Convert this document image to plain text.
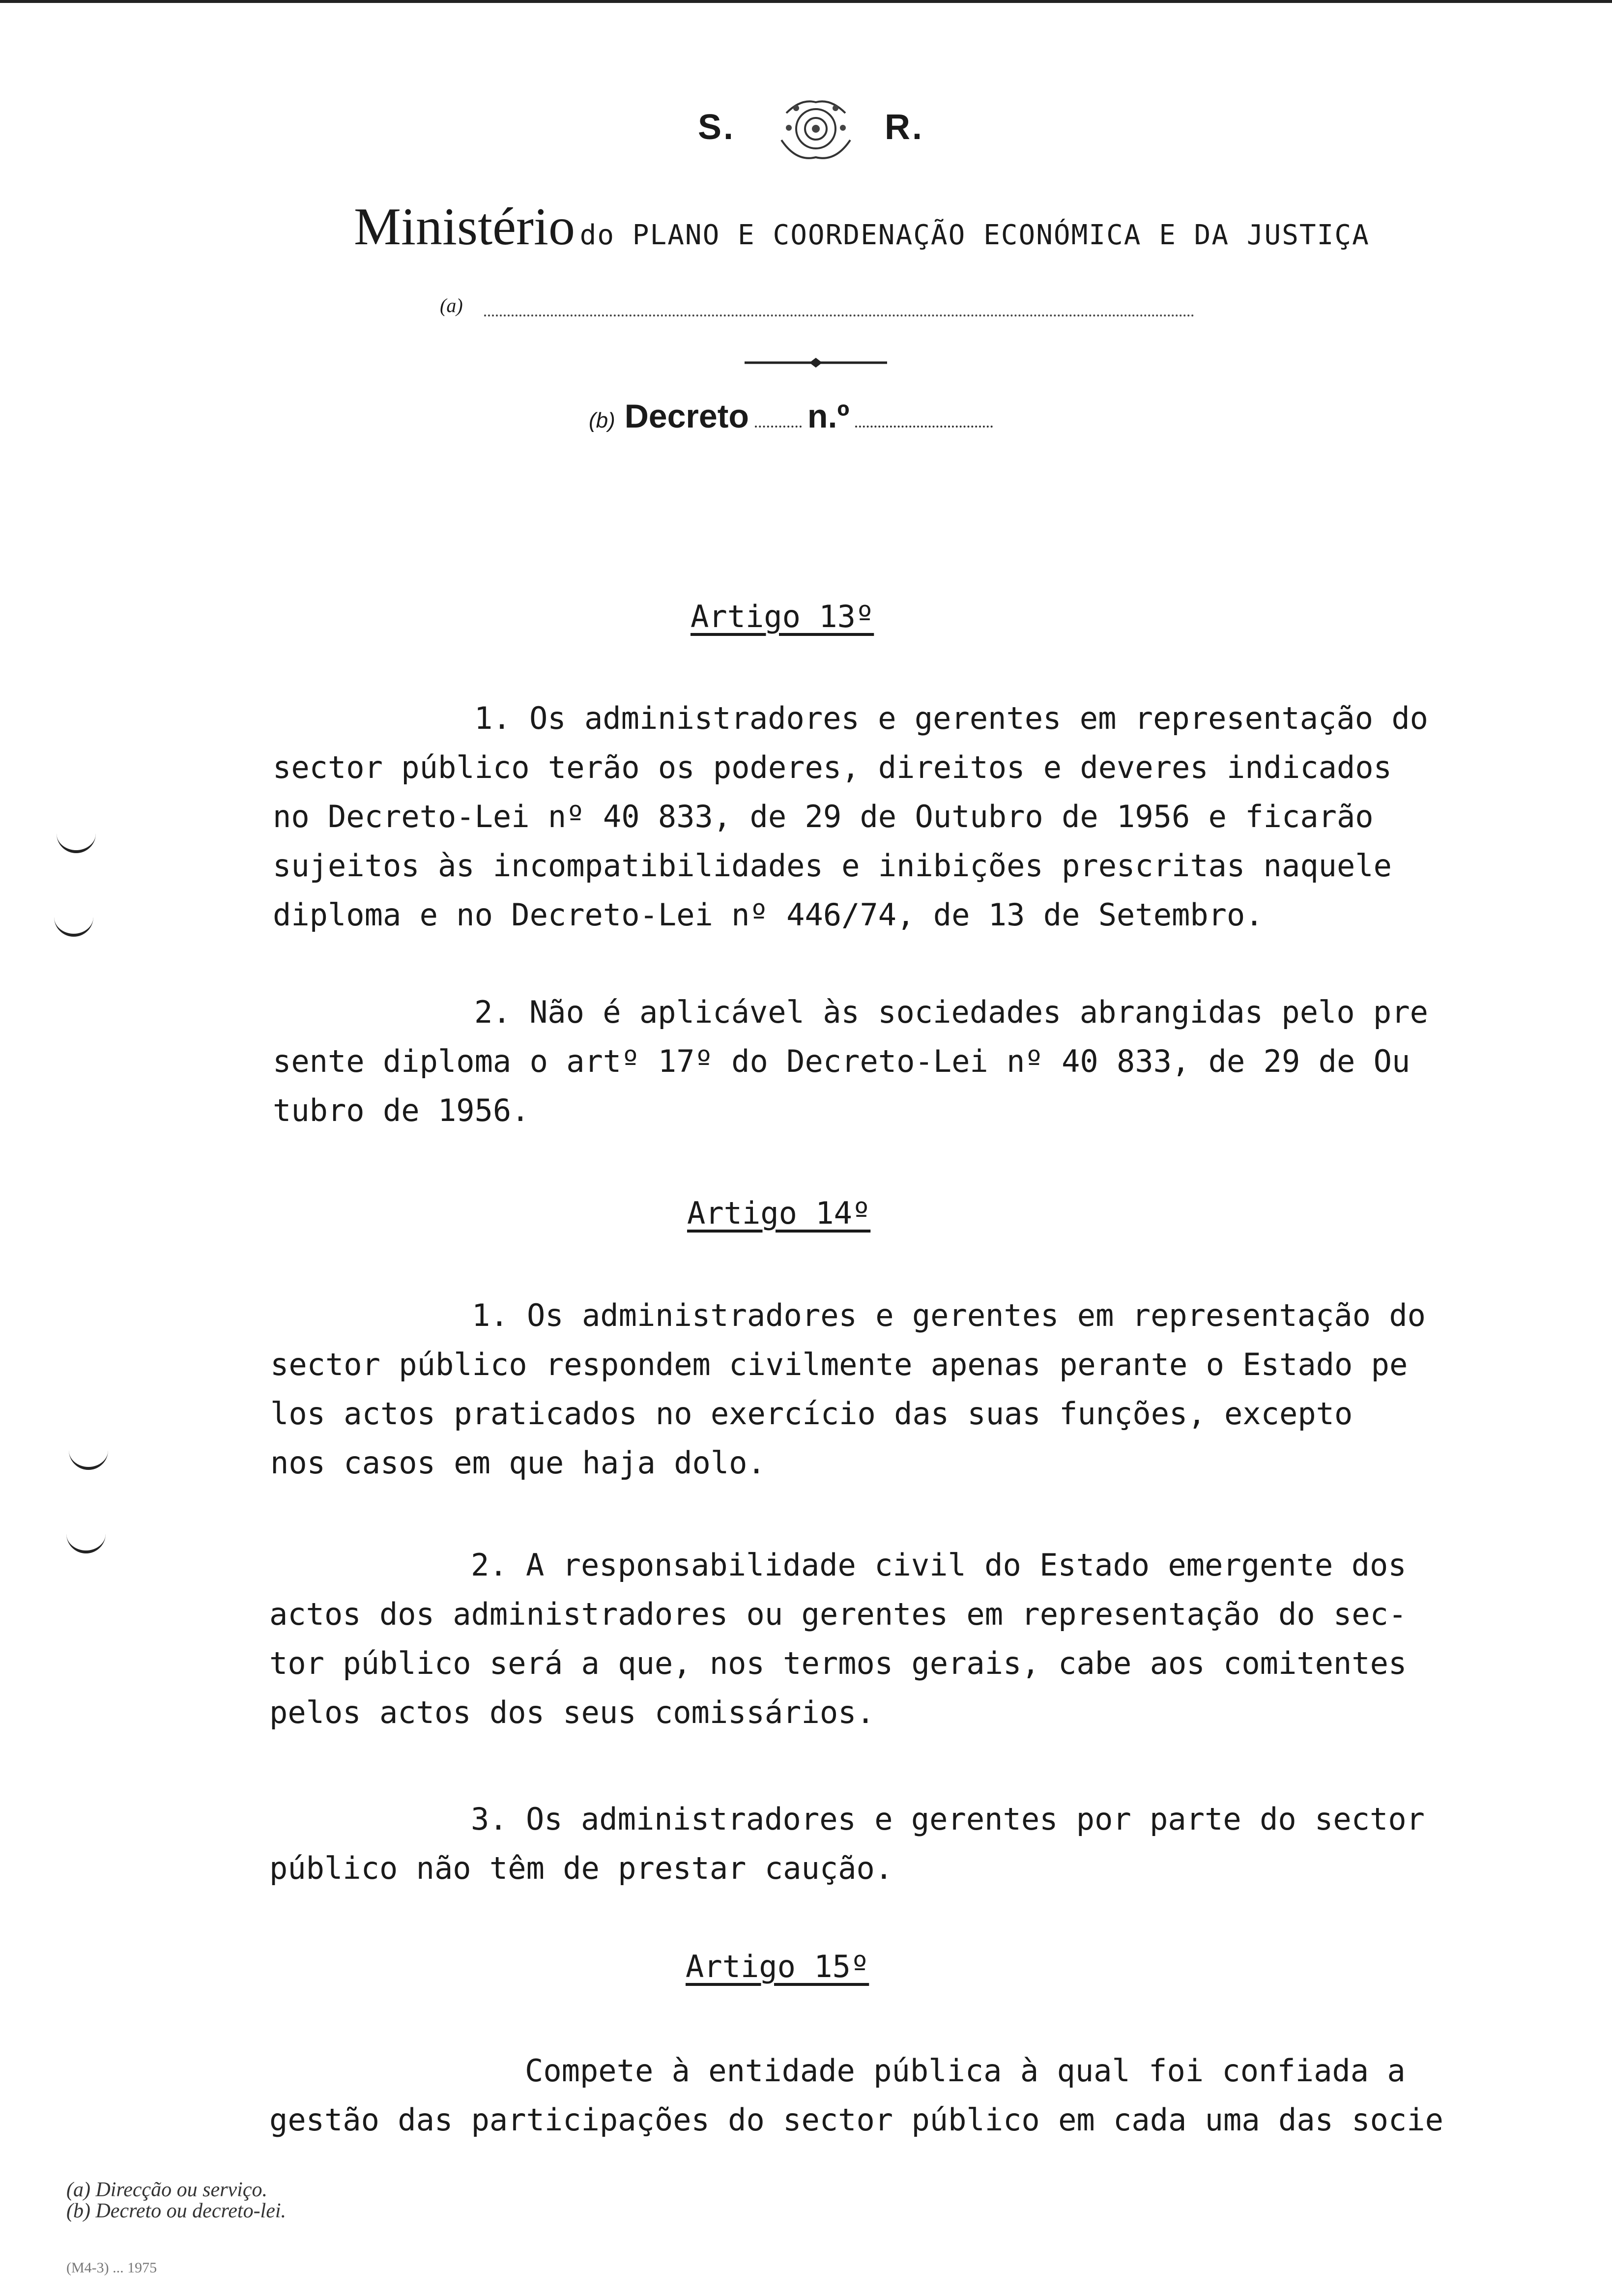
S.	R.
Ministério do PLANO E COORDENAÇÃO ECONÓMICA E DA JUSTIÇA
(a)
(b) Decreto n.º
Artigo 13º
1. Os administradores e gerentes em representação do
sector público terão os poderes, direitos e deveres indicados
no Decreto-Lei nº 40 833, de 29 de Outubro de 1956 e ficarão
sujeitos às incompatibilidades e inibições prescritas naquele
diploma e no Decreto-Lei nº 446/74, de 13 de Setembro.
2. Não é aplicável às sociedades abrangidas pelo pre
sente diploma o artº 17º do Decreto-Lei nº 40 833, de 29 de Ou
tubro de 1956.
Artigo 14º
1. Os administradores e gerentes em representação do
sector público respondem civilmente apenas perante o Estado pe
los actos praticados no exercício das suas funções, excepto
nos casos em que haja dolo.
2. A responsabilidade civil do Estado emergente dos
actos dos administradores ou gerentes em representação do sec-
tor público será a que, nos termos gerais, cabe aos comitentes
pelos actos dos seus comissários.
3. Os administradores e gerentes por parte do sector
público não têm de prestar caução.
Artigo 15º
Compete à entidade pública à qual foi confiada a
gestão das participações do sector público em cada uma das socie
(a) Direcção ou serviço.
(b) Decreto ou decreto-lei.
(M4-3) ... 1975
